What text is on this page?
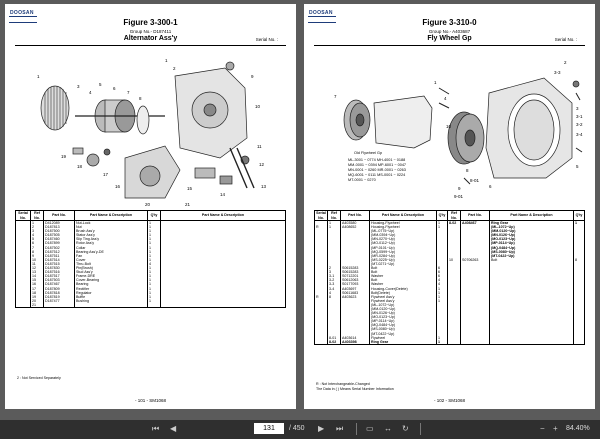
DOOSAN
Figure 3-300-1
Group No.- D187411
Alternator Ass'y	Serial No. :
1
1
2
3
4
5
6
7
8
9
10
11
12
13
14
15
16
17
18
19
20	21
Serial No.	Ref No.	Part No.	Part Name & Description	Q'ty	Part Name & Description
	1	D412089	Nut-Lock	1	
	2	D187813	Nut	1	
	3	D187500	Brush Ass'y	1	
	4	D187505	Stator Ass'y	1	
	5	D187460	Slip Ting Ass'y	1	
	6	D187899	Rotor Ass'y	1	
	7	D187502	Collar	1	
	8	D187512	Bearing Ass'y-DE	1	
	9	D187511	Fan	1	
	10	D187514	Cover	1	
	11	D187515	Thru-Bolt	4	
	12	D187830	Pin(Brush)	1	
	13	D187516	Stud Ass'y	1	
	14	D187517	Frame-DRE	1	
	15	D187503	Cover-Bearing	1	
	16	D187467	Bearing	1	
	17	D187809	Rectifier	1	
	18	D187818	Regulator	1	
	19	D187819	Buffle	1	
	20	D187477	Bushing	1	
	21				
2 : Not Serviced Separately
- 101 - SM1068
DOOSAN
Figure 3-310-0
Group No.- A403687
Fly Wheel Gp	Serial No. :
Old Flywheel Gp
ML-3001 ~ 0774 MH-4001 ~ 0188
MM-0001 ~ 0394 MP-6001 ~ 0047
MN-0001 ~ 0260 MR-0001 ~ 0263
MQ-6001 ~ 0111 MS-0001 ~ 0224
MT-0001 ~ 0270
1
2
3
3-1
3-2
3-3
3-4
4
5
6
7
8
8-01
9
9-01
10
Serial No.	Ref No.	Part No.	Part Name & Description	Q'ty	Ref No.	Part No.	Part Name & Description	Q'ty
	1	A403580	Housing-Flywheel	1	8-02	A408467	Ring Gear	1
R	1	A408652	Housing-Flywheel	1			(ML-1072~Up)	
			(ML-0775~Up)				(MM-0120~Up)	
			(MM-0394~Up)				(MN-0126~Up)	
			(MN-0270~Up)				(MO-0123~Up)	
			(MO-0112~Up)				(MP-0114~Up)	
			(MP-0101~Up)				(MQ-0484~Up)	
			(MQ-0599~Up)				(MS-0080~Up)	
			(MR-0284~Up)				(MT-0422~Up)	
			(MS-0225~Up)		10	S0706263	Bolt	8
			(MT-0271~Up)					
	2	S0615283	Bolt	6				
	3	S0615283	Bolt	6				
	3-1	S0712201	Washer	6				
	3-2	S0612063	Bolt	4				
	3-3	S0177093	Washer	4				
	3-4	A403697	Housing-Cover(Delete)	1				
	4	S0611683	Bolt(Delete)	1				
R	8	A403623	Flywheel Ass'y	1				
			Flywheel Ass'y	1				
			(ML-1072~Up)					
			(MM-0120~Up)					
			(MN-0126~Up)					
			(MO-0123~Up)					
			(MP-0114~Up)					
			(MQ-0484~Up)					
			(MS-0080~Up)					
			(MT-0422~Up)					
	8-01	A403614	Flywheel	1				
	8-02	A403398	Ring Gear	1				
R : Not Interchangeable-Changed
The Data in ( ) Means Serial Number Information
- 102 - SM1068
⏮ ◀
131	/ 450 ▶ ⏭	▭ ↔ ↻	− + 84.40%
